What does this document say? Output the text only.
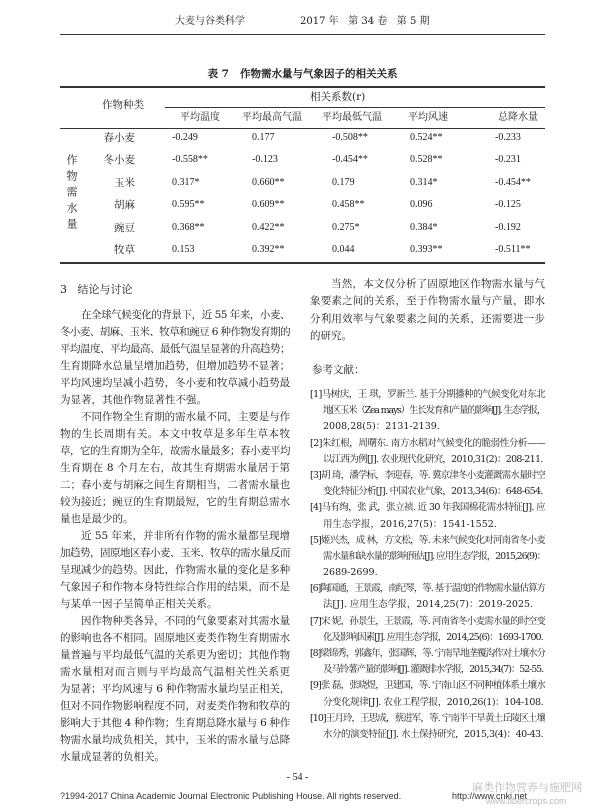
大麦与谷类科学	2017 年   第 34 卷   第 5 期
表 7   作物需水量与气象因子的相关关系
作物种类
相关系数(r)
作物需水量
平均温度	平均最高气温	平均最低气温	平均风速	总降水量
春小麦	-0.249	0.177	-0.508**	0.524**	-0.233
冬小麦	-0.558**	-0.123	-0.454**	0.528**	-0.231
玉米	0.317*	0.660**	0.179	0.314*	-0.454**
胡麻	0.595**	0.609**	0.458**	0.096	-0.125
豌豆	0.368**	0.422**	0.275*	0.384*	-0.192
牧草	0.153	0.392**	0.044	0.393**	-0.511**
3   结论与讨论
在全球气候变化的背景下，近 55 年来，小麦、
冬小麦、胡麻、玉米、牧草和豌豆 6 种作物发育期的
平均温度、平均最高、最低气温呈显著的升高趋势；
生育期降水总量呈增加趋势，但增加趋势不显著；
平均风速均呈减小趋势，冬小麦和牧草减小趋势最
为显著，其他作物显著性不强。
不同作物全生育期的需水量不同，主要是与作
物的生长周期有关。本文中牧草是多年生草本牧
草，它的生育期为全年，故需水量最多；春小麦平均
生育期在 8 个月左右，故其生育期需水量居于第
二；春小麦与胡麻之间生育期相当，二者需水量也
较为接近；豌豆的生育期最短，它的生育期总需水
量也是最少的。
近 55 年来，并非所有作物的需水量都呈现增
加趋势，固原地区春小麦、玉米、牧草的需水量反而
呈现减少的趋势。因此，作物需水量的变化是多种
气象因子和作物本身特性综合作用的结果，而不是
与某单一因子呈简单正相关关系。
因作物种类各异，不同的气象要素对其需水量
的影响也各不相同。固原地区麦类作物生育期需水
量普遍与平均最低气温的关系更为密切；其他作物
需水量相对而言则与平均最高气温相关性关系更
为显著；平均风速与 6 种作物需水量均呈正相关，
但对不同作物影响程度不同，对麦类作物和牧草的
影响大于其他 4 种作物；生育期总降水量与 6 种作
物需水量均成负相关，其中，玉米的需水量与总降
水量成显著的负相关。
当然，本文仅分析了固原地区作物需水量与气
象要素之间的关系，至于作物需水量与产量，即水
分利用效率与气象要素之间的关系，还需要进一步
的研究。
参考文献：
[1]马树庆，王 琪，罗新兰. 基于分期播种的气候变化对东北
地区玉米（Zea mays）生长发育和产量的影响[J]. 生态学报，
2008,28(5)：2131-2139.
[2]朱红根，周曙东. 南方水稻对气候变化的脆弱性分析——
以江西为例[J]. 农业现代化研究，2010,31(2)：208-211.
[3]胡 琦，潘学标，李迎春，等. 冀京津冬小麦灌溉需水量时空
变化特征分析[J]. 中国农业气象，2013,34(6)：648-654.
[4]马有绚，张 武，张立祯. 近 30 年我国棉花需水特征[J]. 应
用生态学报，2016,27(5)：1541-1552.
[5]姬兴杰，成 林，方文松，等. 未来气候变化对河南省冬小麦
需水量和缺水量的影响预估[J]. 应用生态学报，2015,26(9)：
2689-2699.
[6]陶国通，王景霞，南纪琴，等. 基于温度的作物需水量估算方
法[J]. 应用生态学报，2014,25(7)：2019-2025.
[7]宋 妮，孙景生，王景霞，等. 河南省冬小麦需水量的时空变
化及影响因素[J]. 应用生态学报，2014,25(6)：1693-1700.
[8]梁锦秀，郭鑫年，张国辉，等. 宁南旱地垄覆沟作对土壤水分
及马铃薯产量的影响[J]. 灌溉排水学报，2015,34(7)：52-55.
[9]张 磊，张晓煜，卫建国，等. 宁南山区不同种植体系土壤水
分变化规律[J]. 农业工程学报，2010,26(1)：104-108.
[10]王月玲，王思成，蔡进军，等. 宁南半干旱黄土丘陵区土壤
水分的演变特征[J]. 水土保持研究，2015,3(4)：40-43.
- 54 -
?1994-2017 China Academic Journal Electronic Publishing House. All rights reserved.	http://www.cnki.net
麻类作物营养与施肥网
www.fibercrops.com
